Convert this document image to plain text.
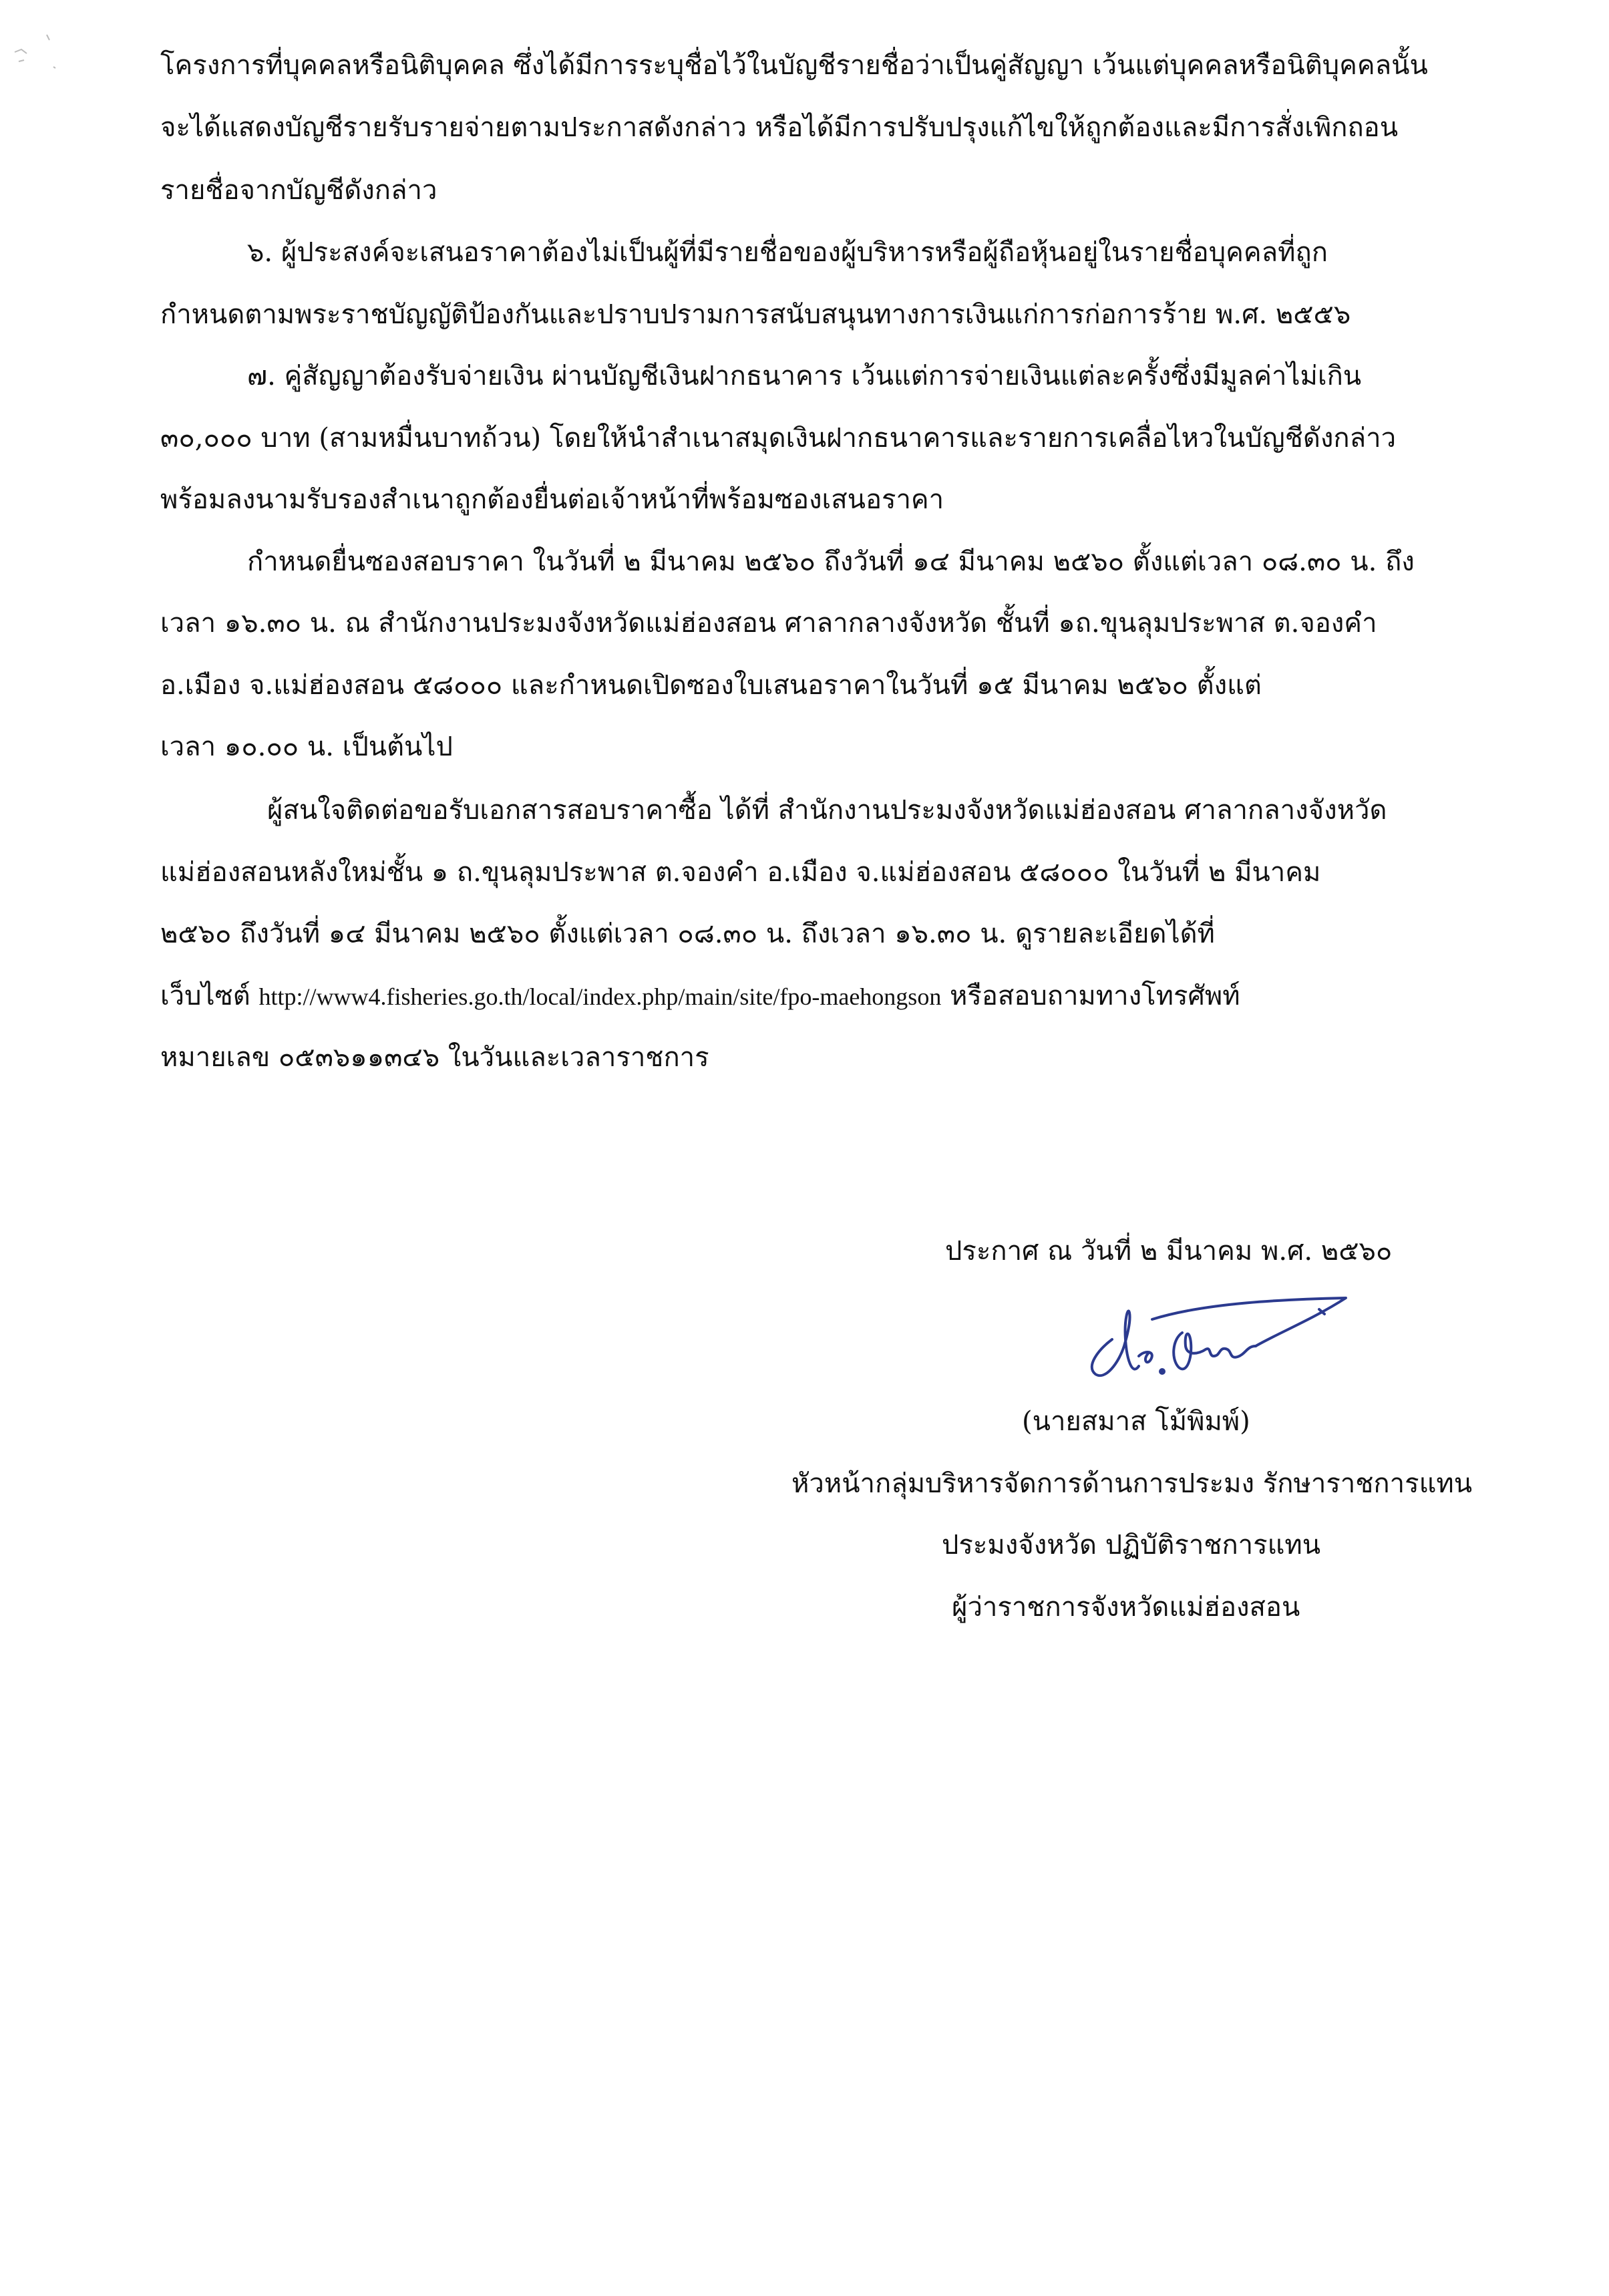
โครงการที่บุคคลหรือนิติบุคคล ซึ่งได้มีการระบุชื่อไว้ในบัญชีรายชื่อว่าเป็นคู่สัญญา เว้นแต่บุคคลหรือนิติบุคคลนั้น
จะได้แสดงบัญชีรายรับรายจ่ายตามประกาสดังกล่าว หรือได้มีการปรับปรุงแก้ไขให้ถูกต้องและมีการสั่งเพิกถอน
รายชื่อจากบัญชีดังกล่าว
๖. ผู้ประสงค์จะเสนอราคาต้องไม่เป็นผู้ที่มีรายชื่อของผู้บริหารหรือผู้ถือหุ้นอยู่ในรายชื่อบุคคลที่ถูก
กำหนดตามพระราชบัญญัติป้องกันและปราบปรามการสนับสนุนทางการเงินแก่การก่อการร้าย พ.ศ. ๒๕๕๖
๗. คู่สัญญาต้องรับจ่ายเงิน ผ่านบัญชีเงินฝากธนาคาร เว้นแต่การจ่ายเงินแต่ละครั้งซึ่งมีมูลค่าไม่เกิน
๓๐,๐๐๐ บาท (สามหมื่นบาทถ้วน) โดยให้นำสำเนาสมุดเงินฝากธนาคารและรายการเคลื่อไหวในบัญชีดังกล่าว
พร้อมลงนามรับรองสำเนาถูกต้องยื่นต่อเจ้าหน้าที่พร้อมซองเสนอราคา
กำหนดยื่นซองสอบราคา ในวันที่ ๒ มีนาคม ๒๕๖๐ ถึงวันที่ ๑๔ มีนาคม ๒๕๖๐ ตั้งแต่เวลา ๐๘.๓๐ น. ถึง
เวลา ๑๖.๓๐ น. ณ สำนักงานประมงจังหวัดแม่ฮ่องสอน ศาลากลางจังหวัด ชั้นที่ ๑ถ.ขุนลุมประพาส ต.จองคำ
อ.เมือง จ.แม่ฮ่องสอน ๕๘๐๐๐ และกำหนดเปิดซองใบเสนอราคาในวันที่ ๑๕ มีนาคม ๒๕๖๐ ตั้งแต่
เวลา ๑๐.๐๐ น. เป็นต้นไป
ผู้สนใจติดต่อขอรับเอกสารสอบราคาซื้อ ได้ที่ สำนักงานประมงจังหวัดแม่ฮ่องสอน ศาลากลางจังหวัด
แม่ฮ่องสอนหลังใหม่ชั้น ๑ ถ.ขุนลุมประพาส ต.จองคำ อ.เมือง จ.แม่ฮ่องสอน ๕๘๐๐๐ ในวันที่ ๒ มีนาคม
๒๕๖๐ ถึงวันที่ ๑๔ มีนาคม ๒๕๖๐ ตั้งแต่เวลา ๐๘.๓๐ น. ถึงเวลา ๑๖.๓๐ น. ดูรายละเอียดได้ที่
เว็บไซต์ http://www4.fisheries.go.th/local/index.php/main/site/fpo-maehongson หรือสอบถามทางโทรศัพท์
หมายเลข ๐๕๓๖๑๑๓๔๖ ในวันและเวลาราชการ
ประกาศ ณ วันที่ ๒ มีนาคม พ.ศ. ๒๕๖๐
(นายสมาส โม้พิมพ์)
หัวหน้ากลุ่มบริหารจัดการด้านการประมง รักษาราชการแทน
ประมงจังหวัด ปฏิบัติราชการแทน
ผู้ว่าราชการจังหวัดแม่ฮ่องสอน
